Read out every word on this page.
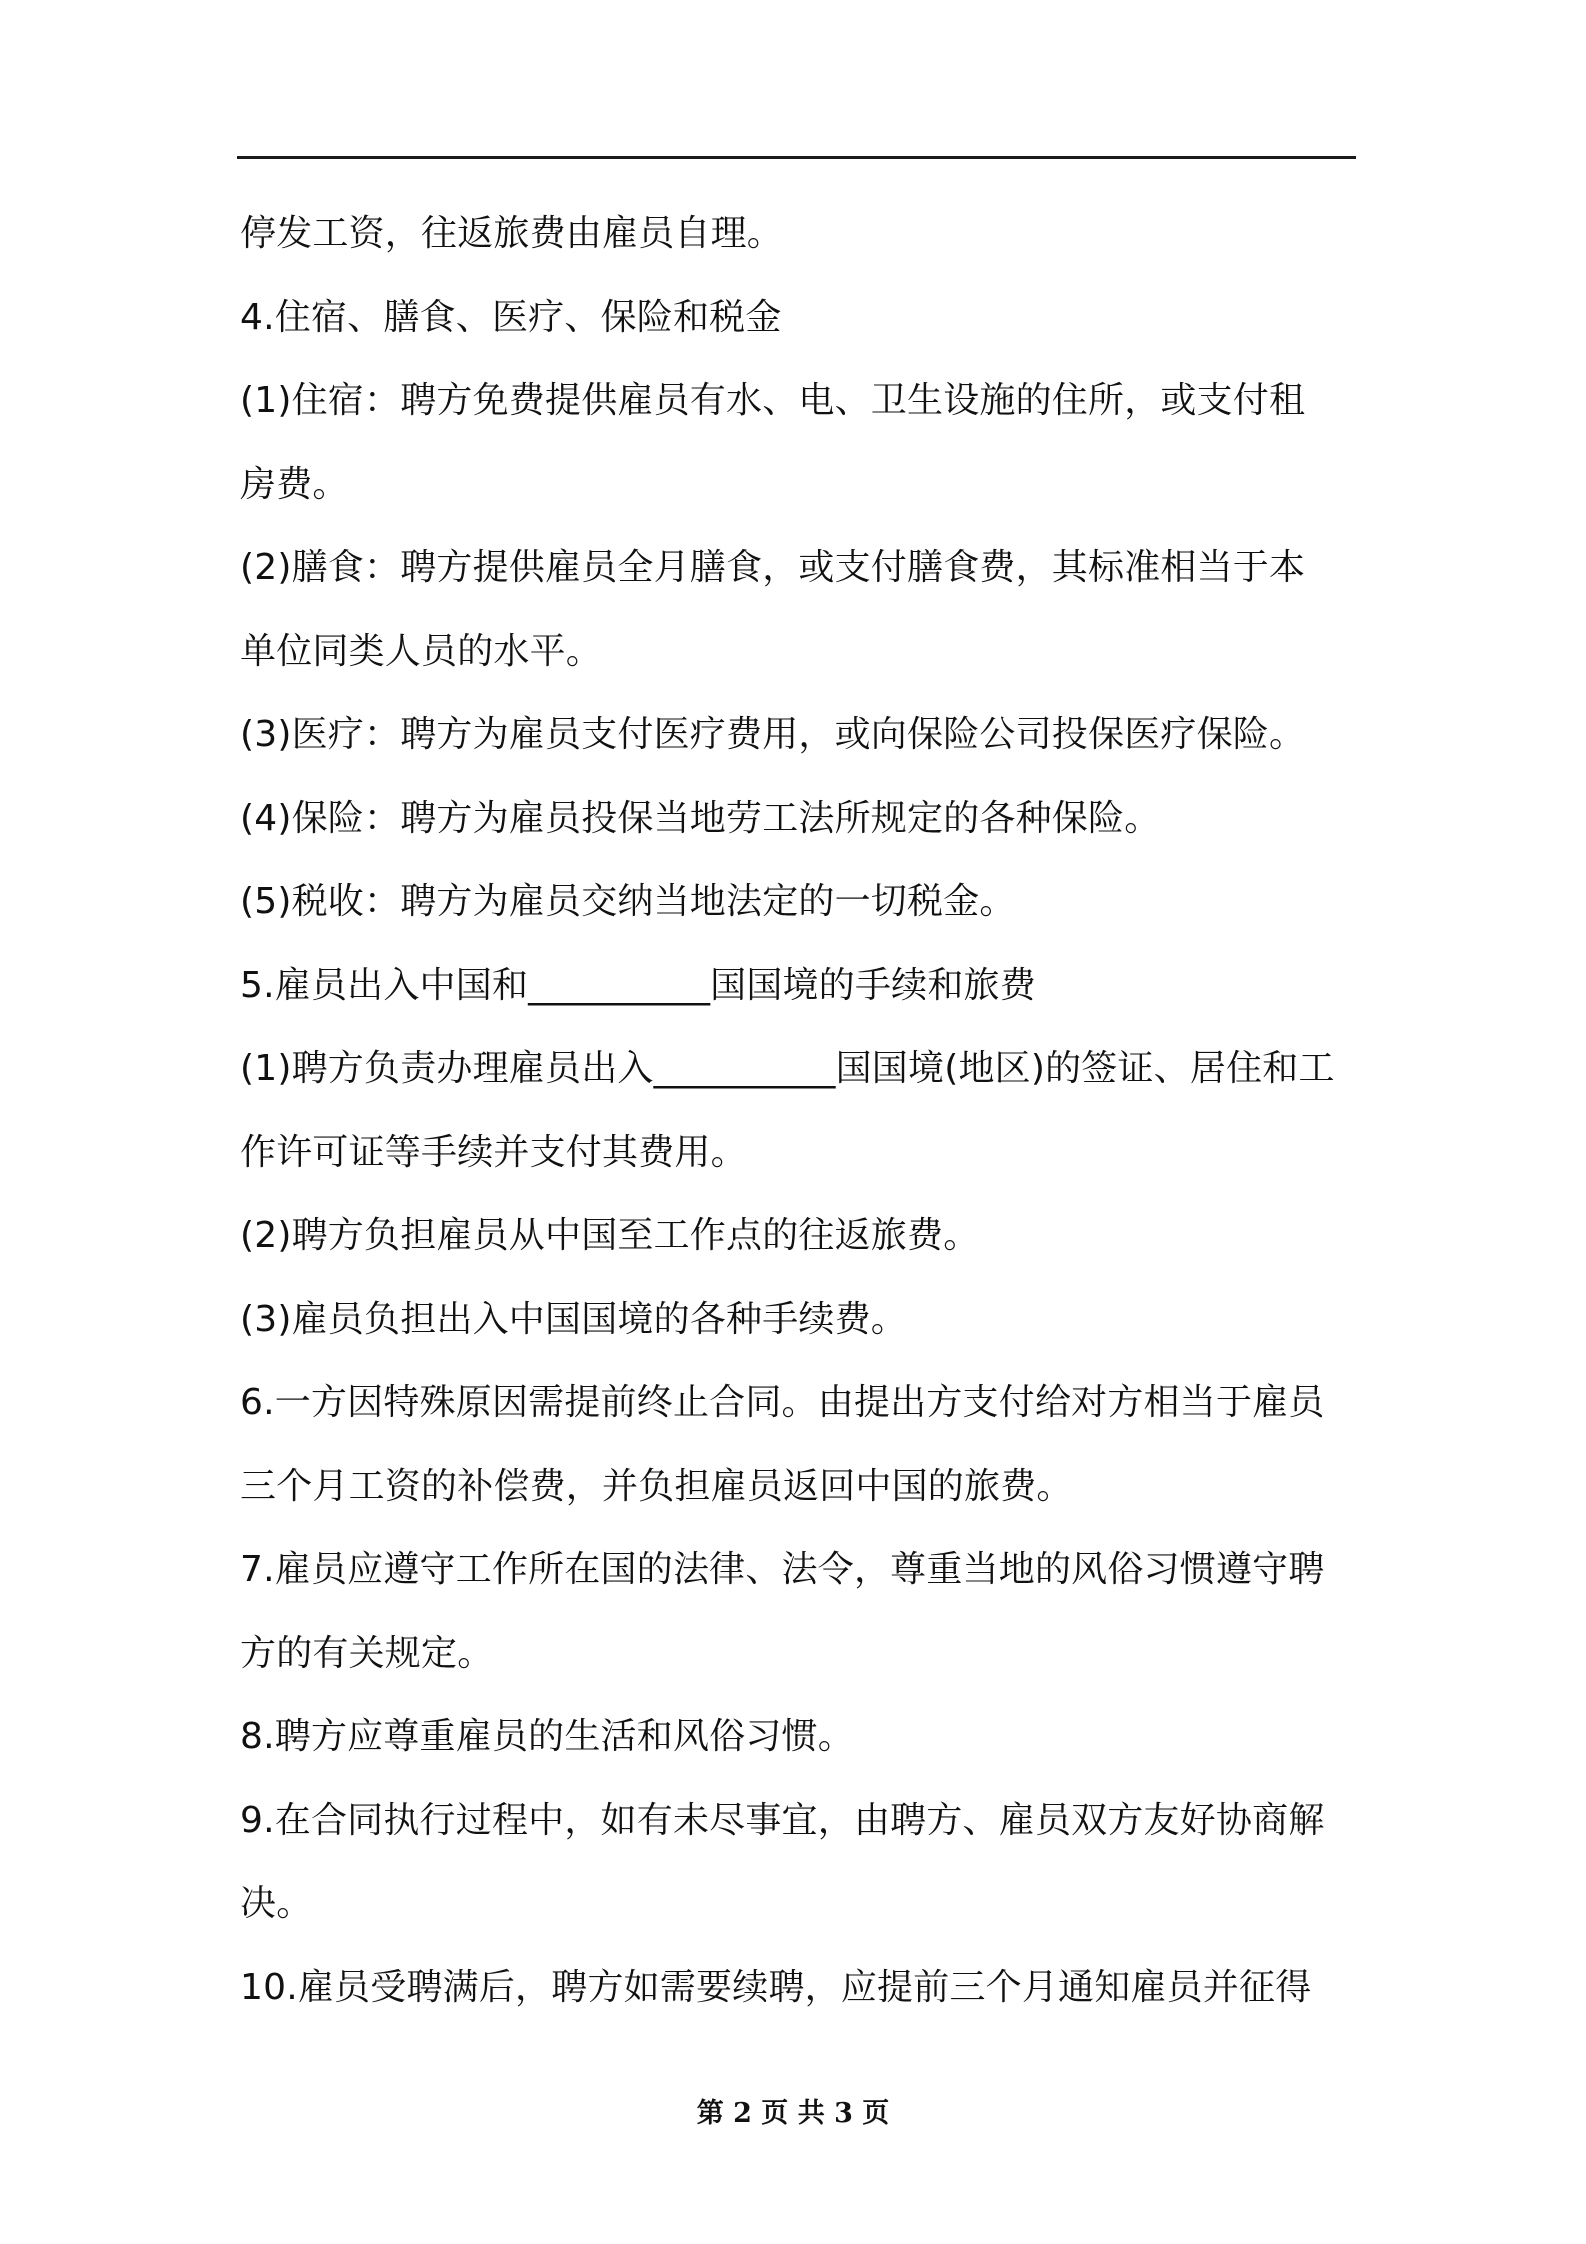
停发工资，往返旅费由雇员自理。
4.住宿、膳食、医疗、保险和税金
(1)住宿：聘方免费提供雇员有水、电、卫生设施的住所，或支付租
房费。
(2)膳食：聘方提供雇员全月膳食，或支付膳食费，其标准相当于本
单位同类人员的水平。
(3)医疗：聘方为雇员支付医疗费用，或向保险公司投保医疗保险。
(4)保险：聘方为雇员投保当地劳工法所规定的各种保险。
(5)税收：聘方为雇员交纳当地法定的一切税金。
5.雇员出入中国和__________国国境的手续和旅费
(1)聘方负责办理雇员出入__________国国境(地区)的签证、居住和工
作许可证等手续并支付其费用。
(2)聘方负担雇员从中国至工作点的往返旅费。
(3)雇员负担出入中国国境的各种手续费。
6.一方因特殊原因需提前终止合同。由提出方支付给对方相当于雇员
三个月工资的补偿费，并负担雇员返回中国的旅费。
7.雇员应遵守工作所在国的法律、法令，尊重当地的风俗习惯遵守聘
方的有关规定。
8.聘方应尊重雇员的生活和风俗习惯。
9.在合同执行过程中，如有未尽事宜，由聘方、雇员双方友好协商解
决。
10.雇员受聘满后，聘方如需要续聘，应提前三个月通知雇员并征得
第 2 页 共 3 页
